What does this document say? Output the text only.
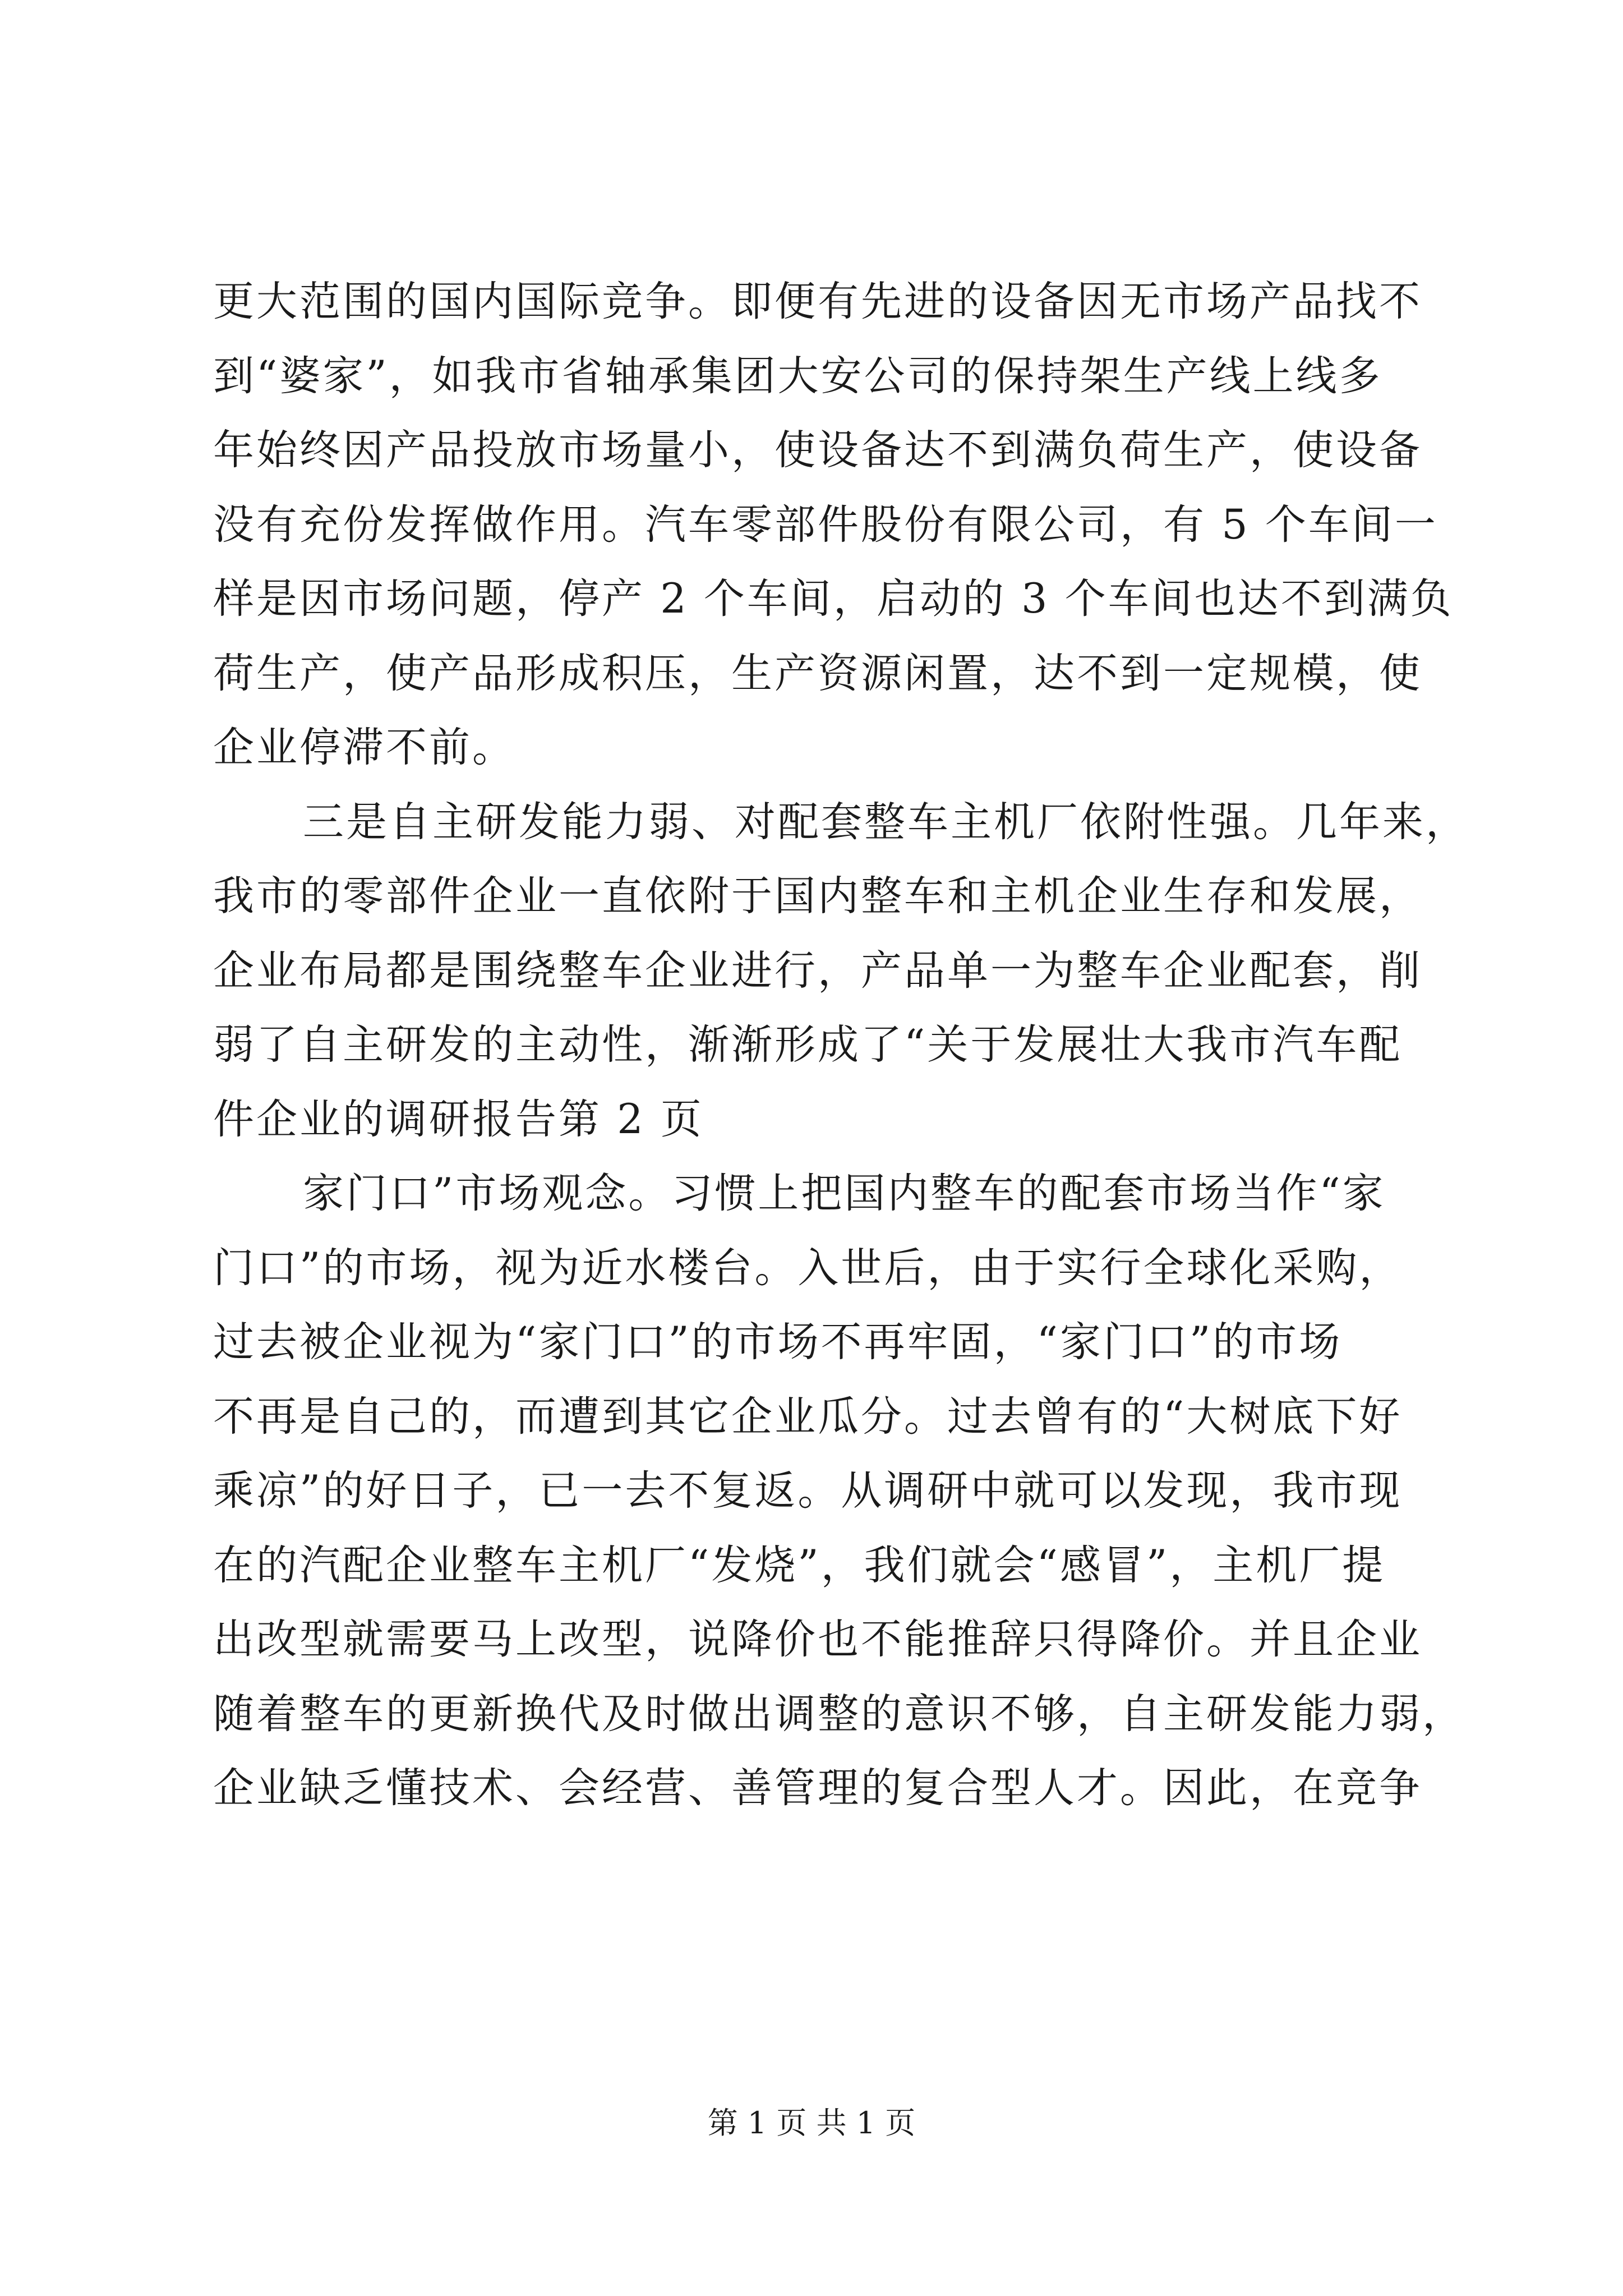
更大范围的国内国际竞争。即便有先进的设备因无市场产品找不
到“婆家”，如我市省轴承集团大安公司的保持架生产线上线多
年始终因产品投放市场量小，使设备达不到满负荷生产，使设备
没有充份发挥做作用。汽车零部件股份有限公司，有 5 个车间一
样是因市场问题，停产 2 个车间，启动的 3 个车间也达不到满负
荷生产，使产品形成积压，生产资源闲置，达不到一定规模，使
企业停滞不前。
三是自主研发能力弱、对配套整车主机厂依附性强。几年来，
我市的零部件企业一直依附于国内整车和主机企业生存和发展，
企业布局都是围绕整车企业进行，产品单一为整车企业配套，削
弱了自主研发的主动性，渐渐形成了“关于发展壮大我市汽车配
件企业的调研报告第 2 页
家门口”市场观念。习惯上把国内整车的配套市场当作“家
门口”的市场，视为近水楼台。入世后，由于实行全球化采购，
过去被企业视为“家门口”的市场不再牢固，“家门口”的市场
不再是自己的，而遭到其它企业瓜分。过去曾有的“大树底下好
乘凉”的好日子，已一去不复返。从调研中就可以发现，我市现
在的汽配企业整车主机厂“发烧”，我们就会“感冒”，主机厂提
出改型就需要马上改型，说降价也不能推辞只得降价。并且企业
随着整车的更新换代及时做出调整的意识不够，自主研发能力弱，
企业缺乏懂技术、会经营、善管理的复合型人才。因此，在竞争
第 1 页 共 1 页
